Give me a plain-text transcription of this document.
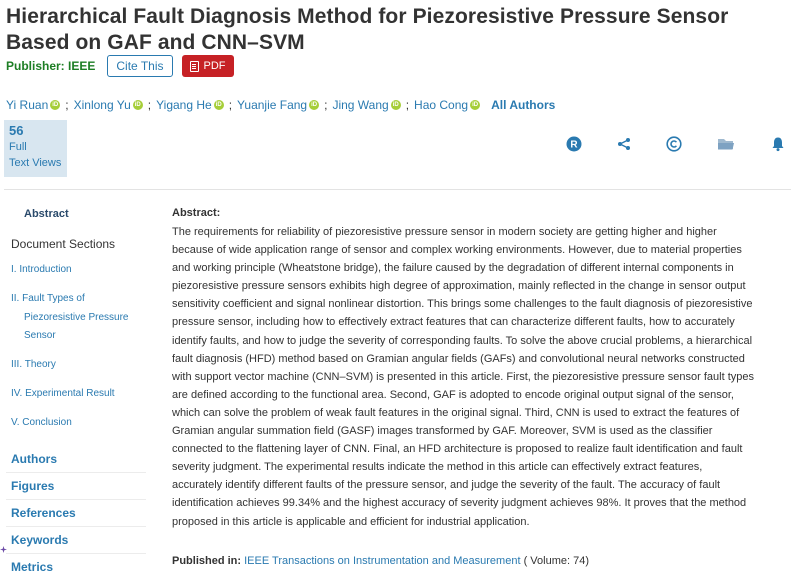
Hierarchical Fault Diagnosis Method for Piezoresistive Pressure Sensor Based on GAF and CNN–SVM
Publisher: IEEE	Cite This	PDF
Yi Ruan iD ; Xinlong Yu iD ; Yigang He iD ; Yuanjie Fang iD ; Jing Wang iD ; Hao Cong iD All Authors
56
Full
Text Views
R
Abstract
Document Sections
I. Introduction
II. Fault Types of
Piezoresistive Pressure
Sensor
III. Theory
IV. Experimental Result
V. Conclusion
Authors
Figures
References
Keywords
Metrics
Abstract:
The requirements for reliability of piezoresistive pressure sensor in modern society are getting higher and higher
because of wide application range of sensor and complex working environments. However, due to material properties
and working principle (Wheatstone bridge), the failure caused by the degradation of different internal components in
piezoresistive pressure sensors exhibits high degree of approximation, mainly reflected in the change in sensor output
sensitivity coefficient and signal nonlinear distortion. This brings some challenges to the fault diagnosis of piezoresistive
pressure sensor, including how to effectively extract features that can characterize different faults, how to accurately
identify faults, and how to judge the severity of corresponding faults. To solve the above crucial problems, a hierarchical
fault diagnosis (HFD) method based on Gramian angular fields (GAFs) and convolutional neural networks constructed
with support vector machine (CNN–SVM) is presented in this article. First, the piezoresistive pressure sensor fault types
are defined according to the functional area. Second, GAF is adopted to encode original output signal of the sensor,
which can solve the problem of weak fault features in the original signal. Third, CNN is used to extract the features of
Gramian angular summation field (GASF) images transformed by GAF. Moreover, SVM is used as the classifier
connected to the flattening layer of CNN. Final, an HFD architecture is proposed to realize fault identification and fault
severity judgment. The experimental results indicate the method in this article can effectively extract features,
accurately identify different faults of the pressure sensor, and judge the severity of the fault. The accuracy of fault
identification achieves 99.34% and the highest accuracy of severity judgment achieves 98%. It proves that the method
proposed in this article is applicable and efficient for industrial application.
Published in: IEEE Transactions on Instrumentation and Measurement ( Volume: 74)
